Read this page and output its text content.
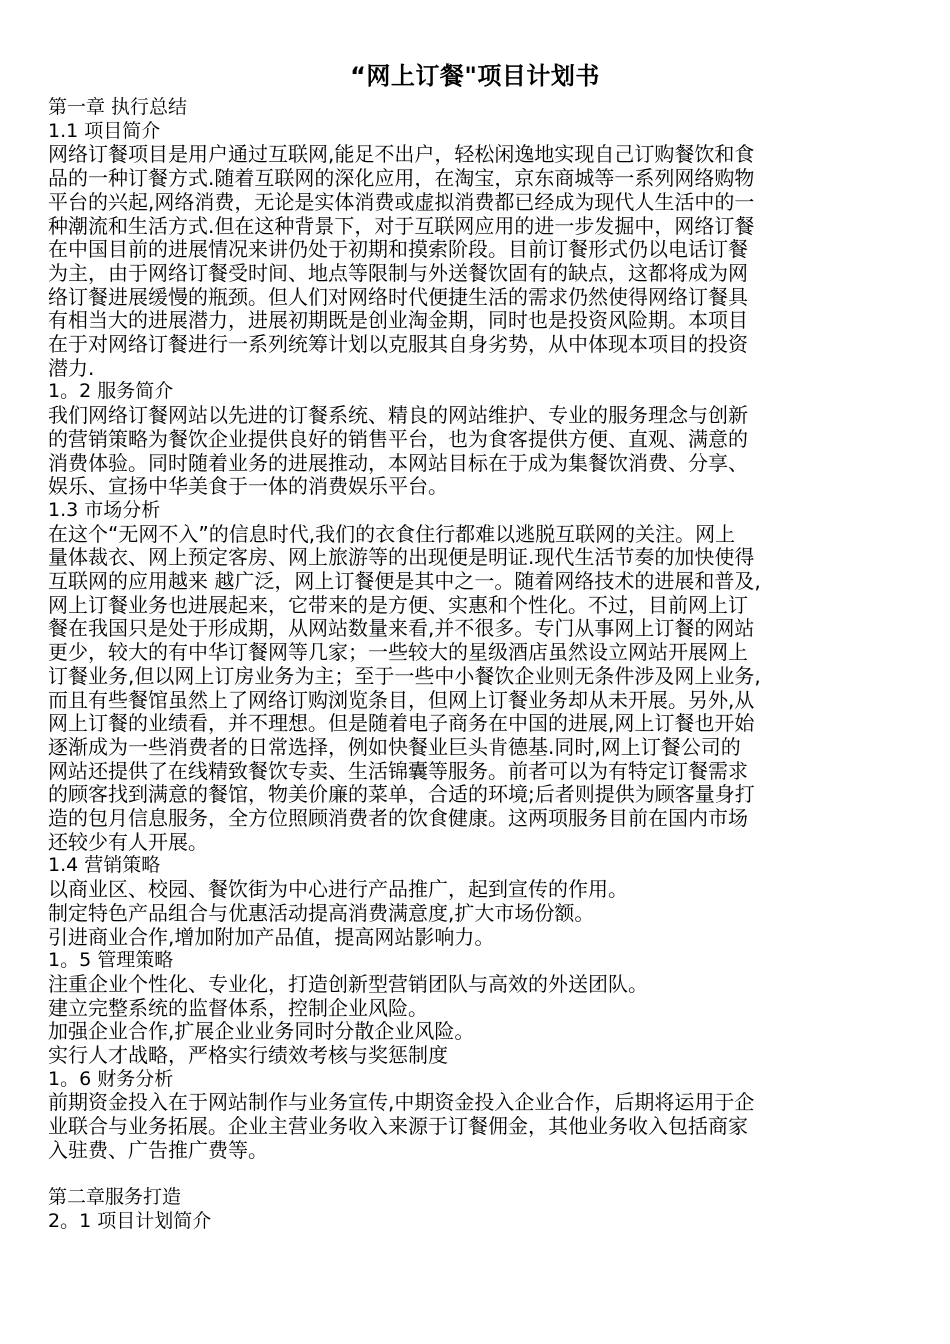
“网上订餐"项目计划书
第一章 执行总结
1.1 项目简介
网络订餐项目是用户通过互联网,能足不出户，轻松闲逸地实现自己订购餐饮和食
品的一种订餐方式.随着互联网的深化应用，在淘宝，京东商城等一系列网络购物
平台的兴起,网络消费，无论是实体消费或虚拟消费都已经成为现代人生活中的一
种潮流和生活方式.但在这种背景下，对于互联网应用的进一步发掘中，网络订餐
在中国目前的进展情况来讲仍处于初期和摸索阶段。目前订餐形式仍以电话订餐
为主，由于网络订餐受时间、地点等限制与外送餐饮固有的缺点，这都将成为网
络订餐进展缓慢的瓶颈。但人们对网络时代便捷生活的需求仍然使得网络订餐具
有相当大的进展潜力，进展初期既是创业淘金期，同时也是投资风险期。本项目
在于对网络订餐进行一系列统筹计划以克服其自身劣势，从中体现本项目的投资
潜力.
1。2 服务简介
我们网络订餐网站以先进的订餐系统、精良的网站维护、专业的服务理念与创新
的营销策略为餐饮企业提供良好的销售平台，也为食客提供方便、直观、满意的
消费体验。同时随着业务的进展推动，本网站目标在于成为集餐饮消费、分享、
娱乐、宣扬中华美食于一体的消费娱乐平台。
1.3 市场分析
在这个“无网不入”的信息时代,我们的衣食住行都难以逃脱互联网的关注。网上
量体裁衣、网上预定客房、网上旅游等的出现便是明证.现代生活节奏的加快使得
互联网的应用越来 越广泛，网上订餐便是其中之一。随着网络技术的进展和普及,
网上订餐业务也进展起来，它带来的是方便、实惠和个性化。不过，目前网上订
餐在我国只是处于形成期，从网站数量来看,并不很多。专门从事网上订餐的网站
更少，较大的有中华订餐网等几家；一些较大的星级酒店虽然设立网站开展网上
订餐业务,但以网上订房业务为主；至于一些中小餐饮企业则无条件涉及网上业务,
而且有些餐馆虽然上了网络订购浏览条目，但网上订餐业务却从未开展。另外,从
网上订餐的业绩看，并不理想。但是随着电子商务在中国的进展,网上订餐也开始
逐渐成为一些消费者的日常选择，例如快餐业巨头肯德基.同时,网上订餐公司的
网站还提供了在线精致餐饮专卖、生活锦囊等服务。前者可以为有特定订餐需求
的顾客找到满意的餐馆，物美价廉的菜单，合适的环境;后者则提供为顾客量身打
造的包月信息服务，全方位照顾消费者的饮食健康。这两项服务目前在国内市场
还较少有人开展。
1.4 营销策略
以商业区、校园、餐饮街为中心进行产品推广，起到宣传的作用。
制定特色产品组合与优惠活动提高消费满意度,扩大市场份额。
引进商业合作,增加附加产品值，提高网站影响力。
1。5 管理策略
注重企业个性化、专业化，打造创新型营销团队与高效的外送团队。
建立完整系统的监督体系，控制企业风险。
加强企业合作,扩展企业业务同时分散企业风险。
实行人才战略，严格实行绩效考核与奖惩制度
1。6 财务分析
前期资金投入在于网站制作与业务宣传,中期资金投入企业合作，后期将运用于企
业联合与业务拓展。企业主营业务收入来源于订餐佣金，其他业务收入包括商家
入驻费、广告推广费等。
第二章服务打造
2。1 项目计划简介
